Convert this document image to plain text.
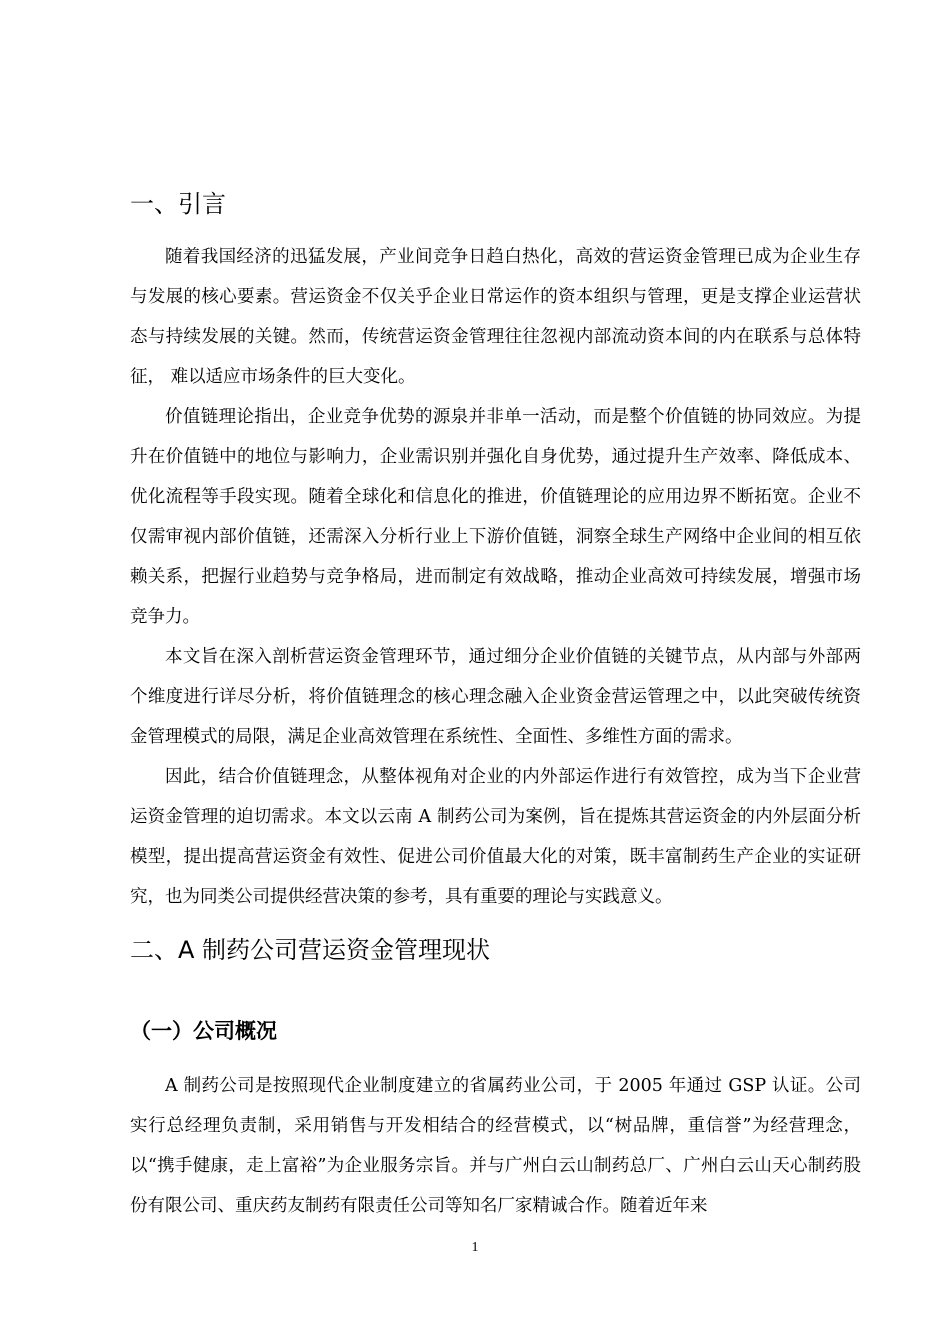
一、引言

随着我国经济的迅猛发展，产业间竞争日趋白热化，高效的营运资金管理已成为企业生存与发展的核心要素。营运资金不仅关乎企业日常运作的资本组织与管理，更是支撑企业运营状态与持续发展的关键。然而，传统营运资金管理往往忽视内部流动资本间的内在联系与总体特征， 难以适应市场条件的巨大变化。

价值链理论指出，企业竞争优势的源泉并非单一活动，而是整个价值链的协同效应。为提升在价值链中的地位与影响力，企业需识别并强化自身优势，通过提升生产效率、降低成本、优化流程等手段实现。随着全球化和信息化的推进，价值链理论的应用边界不断拓宽。企业不仅需审视内部价值链，还需深入分析行业上下游价值链，洞察全球生产网络中企业间的相互依赖关系，把握行业趋势与竞争格局，进而制定有效战略，推动企业高效可持续发展，增强市场竞争力。

本文旨在深入剖析营运资金管理环节，通过细分企业价值链的关键节点，从内部与外部两个维度进行详尽分析，将价值链理念的核心理念融入企业资金营运管理之中，以此突破传统资金管理模式的局限，满足企业高效管理在系统性、全面性、多维性方面的需求。

因此，结合价值链理念，从整体视角对企业的内外部运作进行有效管控，成为当下企业营运资金管理的迫切需求。本文以云南 A 制药公司为案例，旨在提炼其营运资金的内外层面分析模型，提出提高营运资金有效性、促进公司价值最大化的对策，既丰富制药生产企业的实证研究，也为同类公司提供经营决策的参考，具有重要的理论与实践意义。

二、A 制药公司营运资金管理现状
（一）公司概况

A 制药公司是按照现代企业制度建立的省属药业公司，于 2005 年通过 GSP 认证。公司实行总经理负责制，采用销售与开发相结合的经营模式，以“树品牌，重信誉”为经营理念，以“携手健康，走上富裕”为企业服务宗旨。并与广州白云山制药总厂、广州白云山天心制药股份有限公司、重庆药友制药有限责任公司等知名厂家精诚合作。随着近年来

1
